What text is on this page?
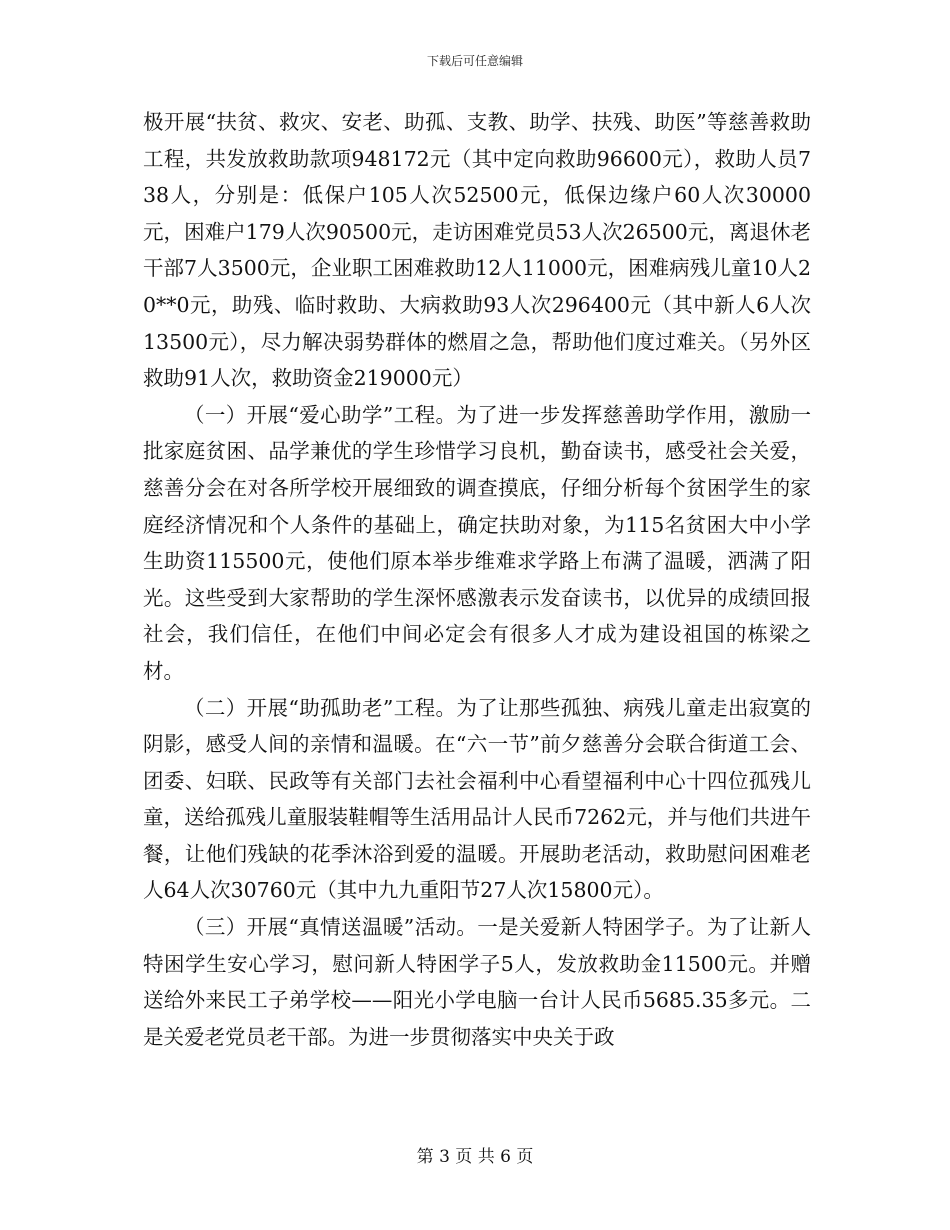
下载后可任意编辑

极开展“扶贫、救灾、安老、助孤、支教、助学、扶残、助医”等慈善救助工程，共发放救助款项948172元（其中定向救助96600元），救助人员738人，分别是：低保户105人次52500元，低保边缘户60人次30000元，困难户179人次90500元，走访困难党员53人次26500元，离退休老干部7人3500元，企业职工困难救助12人11000元，困难病残儿童10人20**0元，助残、临时救助、大病救助93人次296400元（其中新人6人次13500元），尽力解决弱势群体的燃眉之急，帮助他们度过难关。（另外区救助91人次，救助资金219000元）

（一）开展“爱心助学”工程。为了进一步发挥慈善助学作用，激励一批家庭贫困、品学兼优的学生珍惜学习良机，勤奋读书，感受社会关爱，慈善分会在对各所学校开展细致的调查摸底，仔细分析每个贫困学生的家庭经济情况和个人条件的基础上，确定扶助对象，为115名贫困大中小学生助资115500元，使他们原本举步维难求学路上布满了温暖，洒满了阳光。这些受到大家帮助的学生深怀感激表示发奋读书，以优异的成绩回报社会，我们信任，在他们中间必定会有很多人才成为建设祖国的栋梁之材。

（二）开展“助孤助老”工程。为了让那些孤独、病残儿童走出寂寞的阴影，感受人间的亲情和温暖。在“六一节”前夕慈善分会联合街道工会、团委、妇联、民政等有关部门去社会福利中心看望福利中心十四位孤残儿童，送给孤残儿童服装鞋帽等生活用品计人民币7262元，并与他们共进午餐，让他们残缺的花季沐浴到爱的温暖。开展助老活动，救助慰问困难老人64人次30760元（其中九九重阳节27人次15800元）。

（三）开展“真情送温暖”活动。一是关爱新人特困学子。为了让新人特困学生安心学习，慰问新人特困学子5人，发放救助金11500元。并赠送给外来民工子弟学校——阳光小学电脑一台计人民币5685.35多元。二是关爱老党员老干部。为进一步贯彻落实中央关于政

第 3 页 共 6 页
